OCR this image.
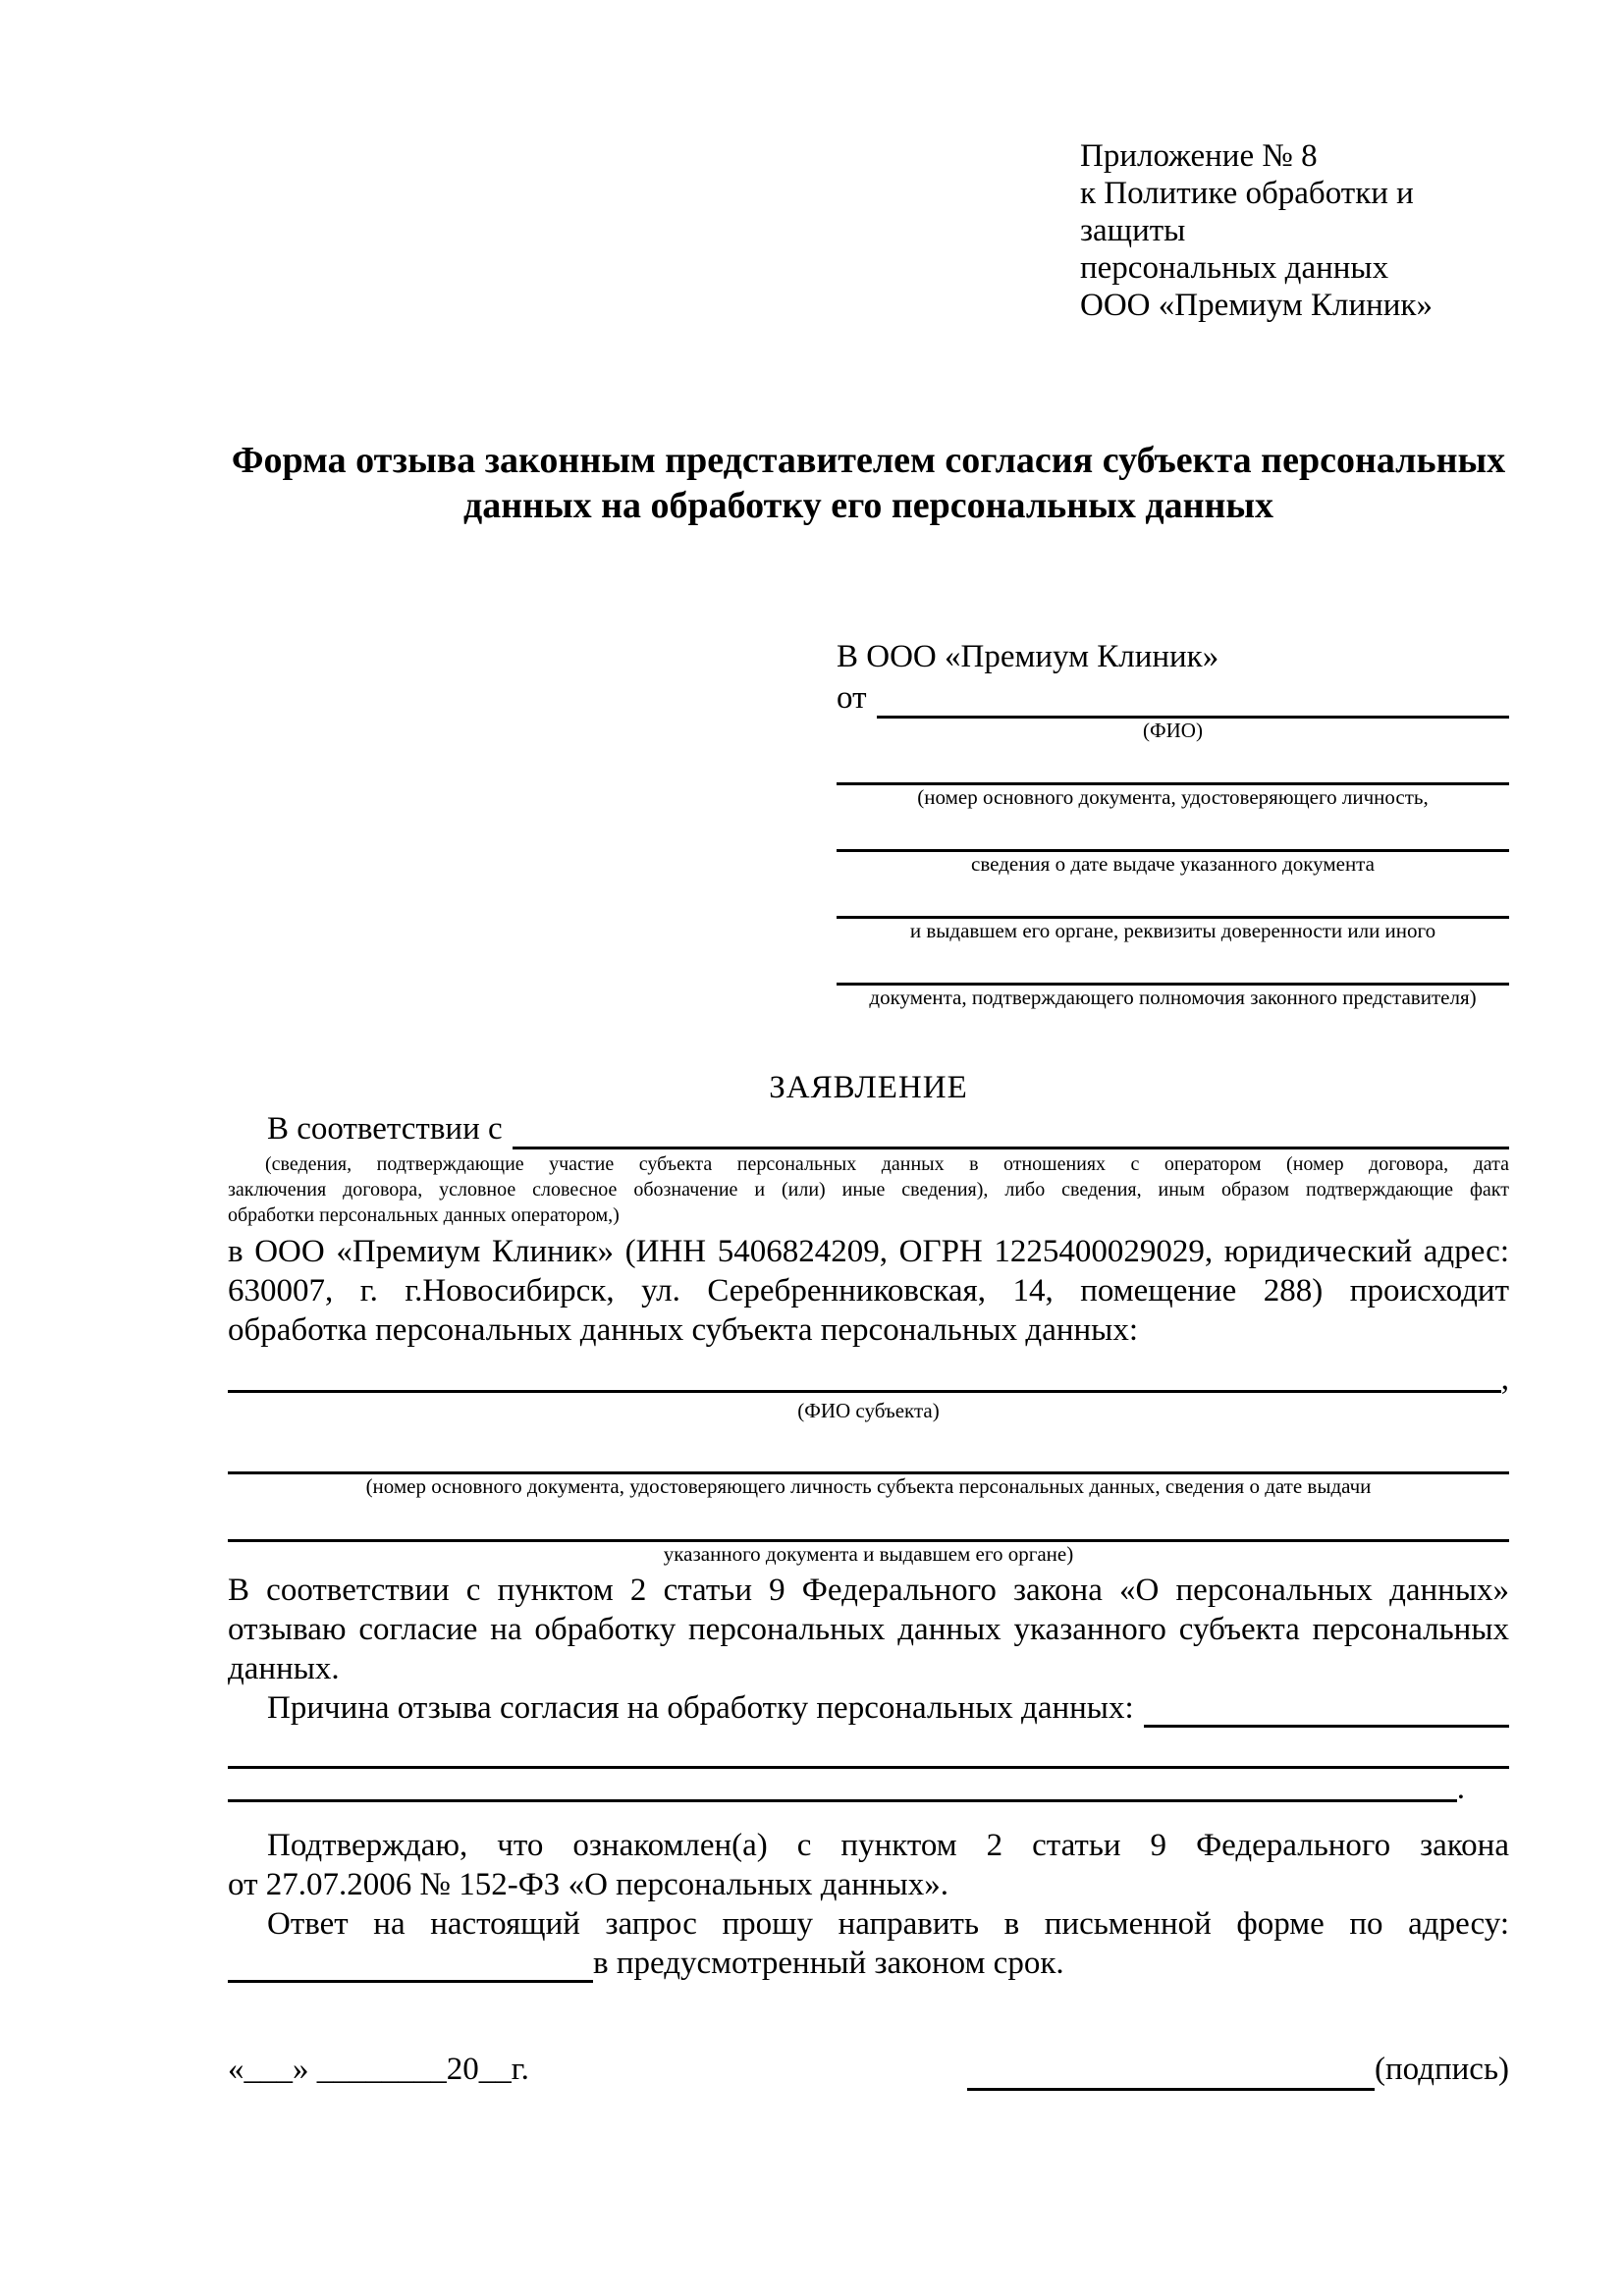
Приложение № 8
к Политике обработки и защиты
персональных данных
ООО «Премиум Клиник»
Форма отзыва законным представителем согласия субъекта персональных данных на обработку его персональных данных
В ООО «Премиум Клиник»
от
(ФИО)
(номер основного документа, удостоверяющего личность,
сведения о дате выдаче указанного документа
и выдавшем его органе, реквизиты доверенности или иного
документа, подтверждающего полномочия законного представителя)
ЗАЯВЛЕНИЕ
В соответствии с
(сведения, подтверждающие участие субъекта персональных данных в отношениях с оператором (номер договора, дата
заключения договора, условное словесное обозначение и (или) иные сведения), либо сведения, иным образом подтверждающие факт
обработки персональных данных оператором,)
в ООО «Премиум Клиник» (ИНН 5406824209, ОГРН 1225400029029, юридический адрес:
630007, г. г.Новосибирск, ул. Серебренниковская, 14, помещение 288) происходит
обработка персональных данных субъекта персональных данных:
,
(ФИО субъекта)
(номер основного документа, удостоверяющего личность субъекта персональных данных, сведения о дате выдачи
указанного документа и выдавшем его органе)
В соответствии с пунктом 2 статьи 9 Федерального закона «О персональных данных»
отзываю согласие на обработку персональных данных указанного субъекта персональных
данных.
Причина отзыва согласия на обработку персональных данных:
.
Подтверждаю, что ознакомлен(а) с пунктом 2 статьи 9 Федерального закона
от 27.07.2006 № 152-ФЗ «О персональных данных».
Ответ на настоящий запрос прошу направить в письменной форме по адресу:
в предусмотренный законом срок.
«___» ________20__г.	(подпись)
